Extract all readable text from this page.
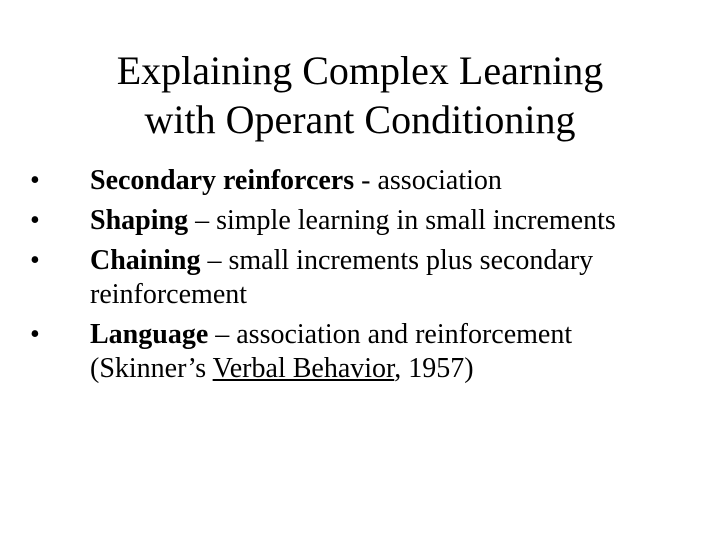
Explaining Complex Learning
with Operant Conditioning
•	Secondary reinforcers - association
•	Shaping – simple learning in small increments
•	Chaining – small increments plus secondary reinforcement
•	Language – association and reinforcement
(Skinner’s Verbal Behavior, 1957)
